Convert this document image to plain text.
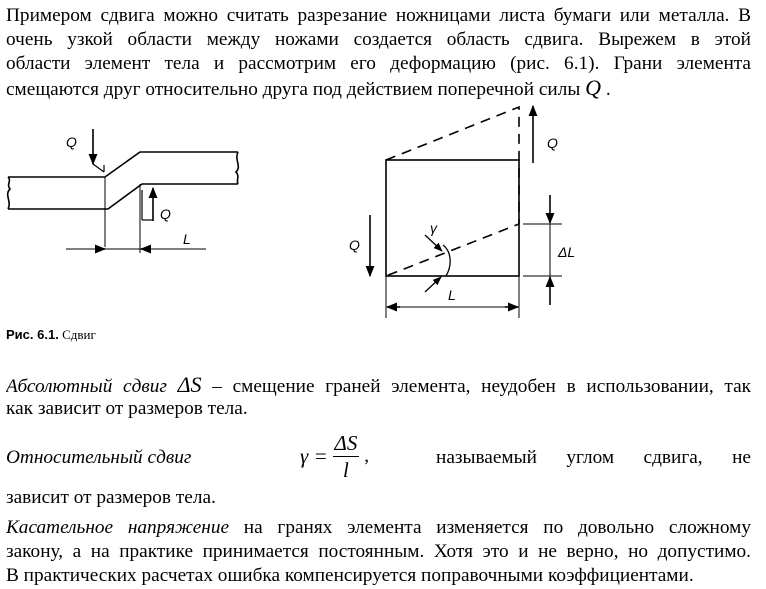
Примером сдвига можно считать разрезание ножницами листа бумаги или металла. В
очень узкой области между ножами создается область сдвига. Вырежем в этой
области элемент тела и рассмотрим его деформацию (рис. 6.1). Грани элемента
смещаются друг относительно друга под действием поперечной силы Q .
Q
Q
L
Q
Q
γ
ΔL
L
Рис. 6.1. Сдвиг
Абсолютный сдвиг ΔS – смещение граней элемента, неудобен в использовании, так
как зависит от размеров тела.
Относительный сдвиг	$\gamma = \frac{\Delta S}{l}$ ,	называемый углом сдвига, не
зависит от размеров тела.
Касательное напряжение на гранях элемента изменяется по довольно сложному
закону, а на практике принимается постоянным. Хотя это и не верно, но допустимо.
В практических расчетах ошибка компенсируется поправочными коэффициентами.
